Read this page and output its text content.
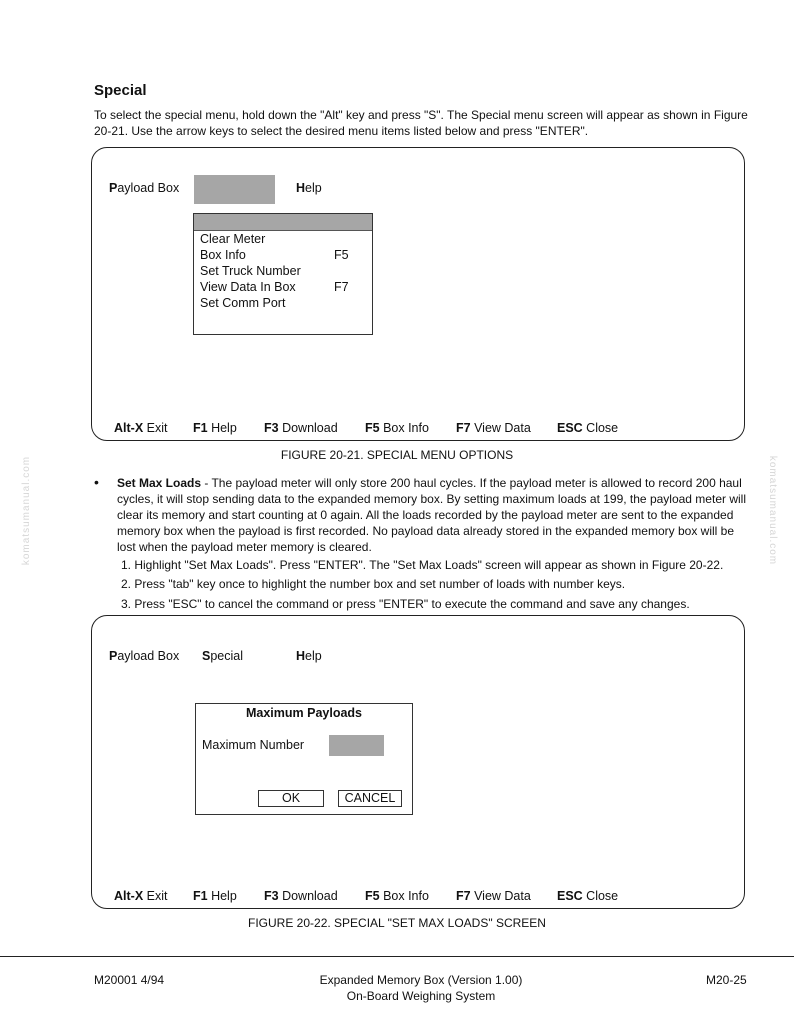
Special
To select the special menu, hold down the "Alt" key and press "S". The Special menu screen will appear as shown in Figure 20-21. Use the arrow keys to select the desired menu items listed below and press "ENTER".
Payload Box	Help
Clear Meter
Box Info	F5
Set Truck Number
View Data In Box	F7
Set Comm Port
Alt-X Exit F1 Help F3 Download F5 Box Info F7 View Data ESC Close
FIGURE 20-21. SPECIAL MENU OPTIONS
• Set Max Loads - The payload meter will only store 200 haul cycles. If the payload meter is allowed to record 200 haul cycles, it will stop sending data to the expanded memory box. By setting maximum loads at 199, the payload meter will clear its memory and start counting at 0 again. All the loads recorded by the payload meter are sent to the expanded memory box when the payload is first recorded. No payload data already stored in the expanded memory box will be lost when the payload meter memory is cleared.
1. Highlight "Set Max Loads". Press "ENTER". The "Set Max Loads" screen will appear as shown in Figure 20-22.
2. Press "tab" key once to highlight the number box and set number of loads with number keys.
3. Press "ESC" to cancel the command or press "ENTER" to execute the command and save any changes.
Payload Box Special	Help
Maximum Payloads
Maximum Number
OK	CANCEL
Alt-X Exit F1 Help F3 Download F5 Box Info F7 View Data ESC Close
FIGURE 20-22. SPECIAL "SET MAX LOADS" SCREEN
M20001 4/94	Expanded Memory Box (Version 1.00)
On-Board Weighing System
M20-25
komatsumanual.com	komatsumanual.com
